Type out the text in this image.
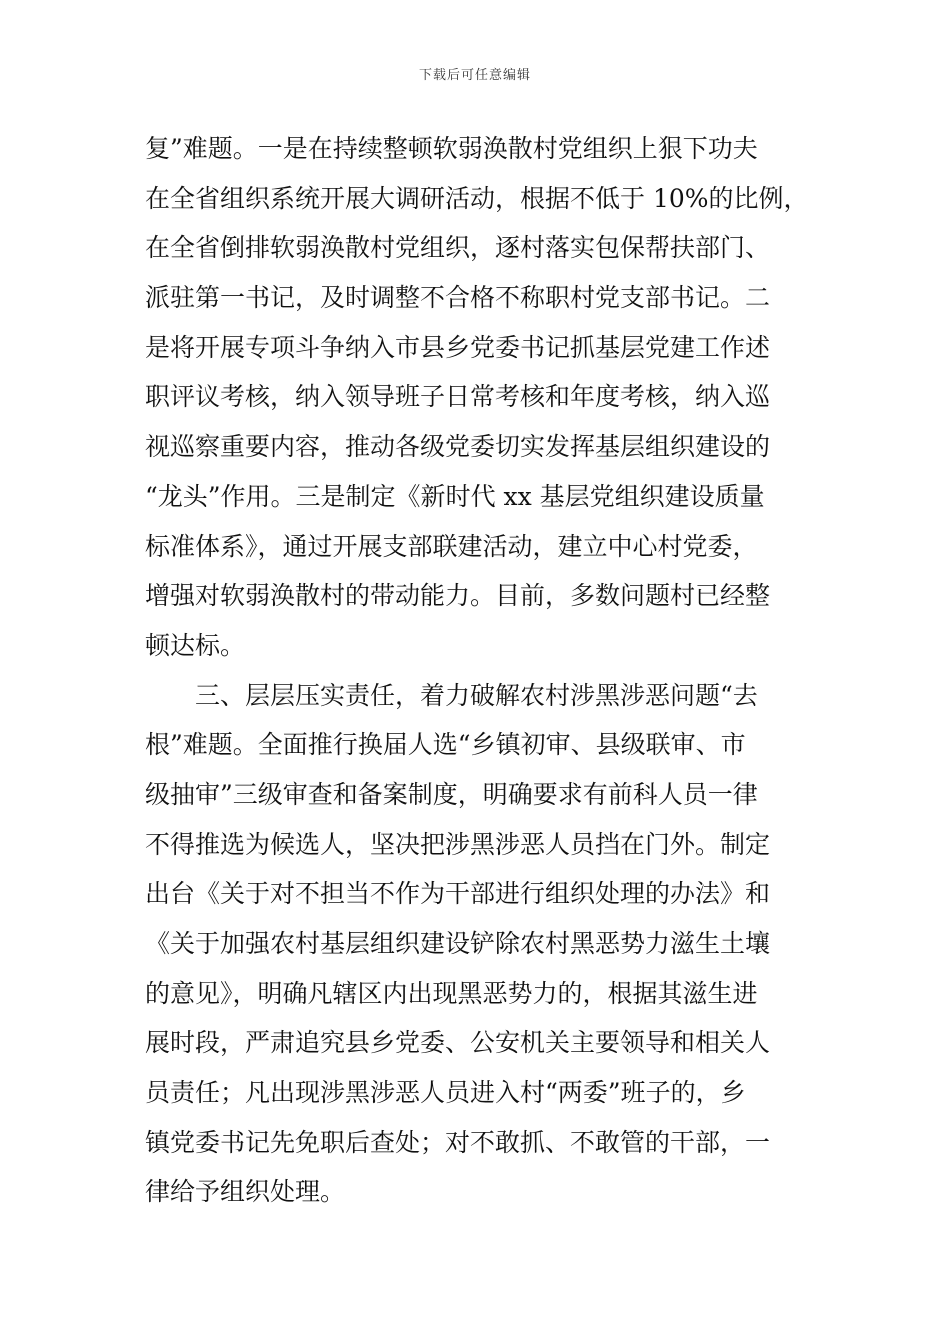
下载后可任意编辑
复”难题。一是在持续整顿软弱涣散村党组织上狠下功夫
在全省组织系统开展大调研活动，根据不低于 10%的比例，
在全省倒排软弱涣散村党组织，逐村落实包保帮扶部门、
派驻第一书记，及时调整不合格不称职村党支部书记。二
是将开展专项斗争纳入市县乡党委书记抓基层党建工作述
职评议考核，纳入领导班子日常考核和年度考核，纳入巡
视巡察重要内容，推动各级党委切实发挥基层组织建设的
“龙头”作用。三是制定《新时代 xx 基层党组织建设质量
标准体系》，通过开展支部联建活动，建立中心村党委，
增强对软弱涣散村的带动能力。目前，多数问题村已经整
顿达标。
　　三、层层压实责任，着力破解农村涉黑涉恶问题“去
根”难题。全面推行换届人选“乡镇初审、县级联审、市
级抽审”三级审查和备案制度，明确要求有前科人员一律
不得推选为候选人，坚决把涉黑涉恶人员挡在门外。制定
出台《关于对不担当不作为干部进行组织处理的办法》和
《关于加强农村基层组织建设铲除农村黑恶势力滋生土壤
的意见》，明确凡辖区内出现黑恶势力的，根据其滋生进
展时段，严肃追究县乡党委、公安机关主要领导和相关人
员责任；凡出现涉黑涉恶人员进入村“两委”班子的，乡
镇党委书记先免职后查处；对不敢抓、不敢管的干部，一
律给予组织处理。
